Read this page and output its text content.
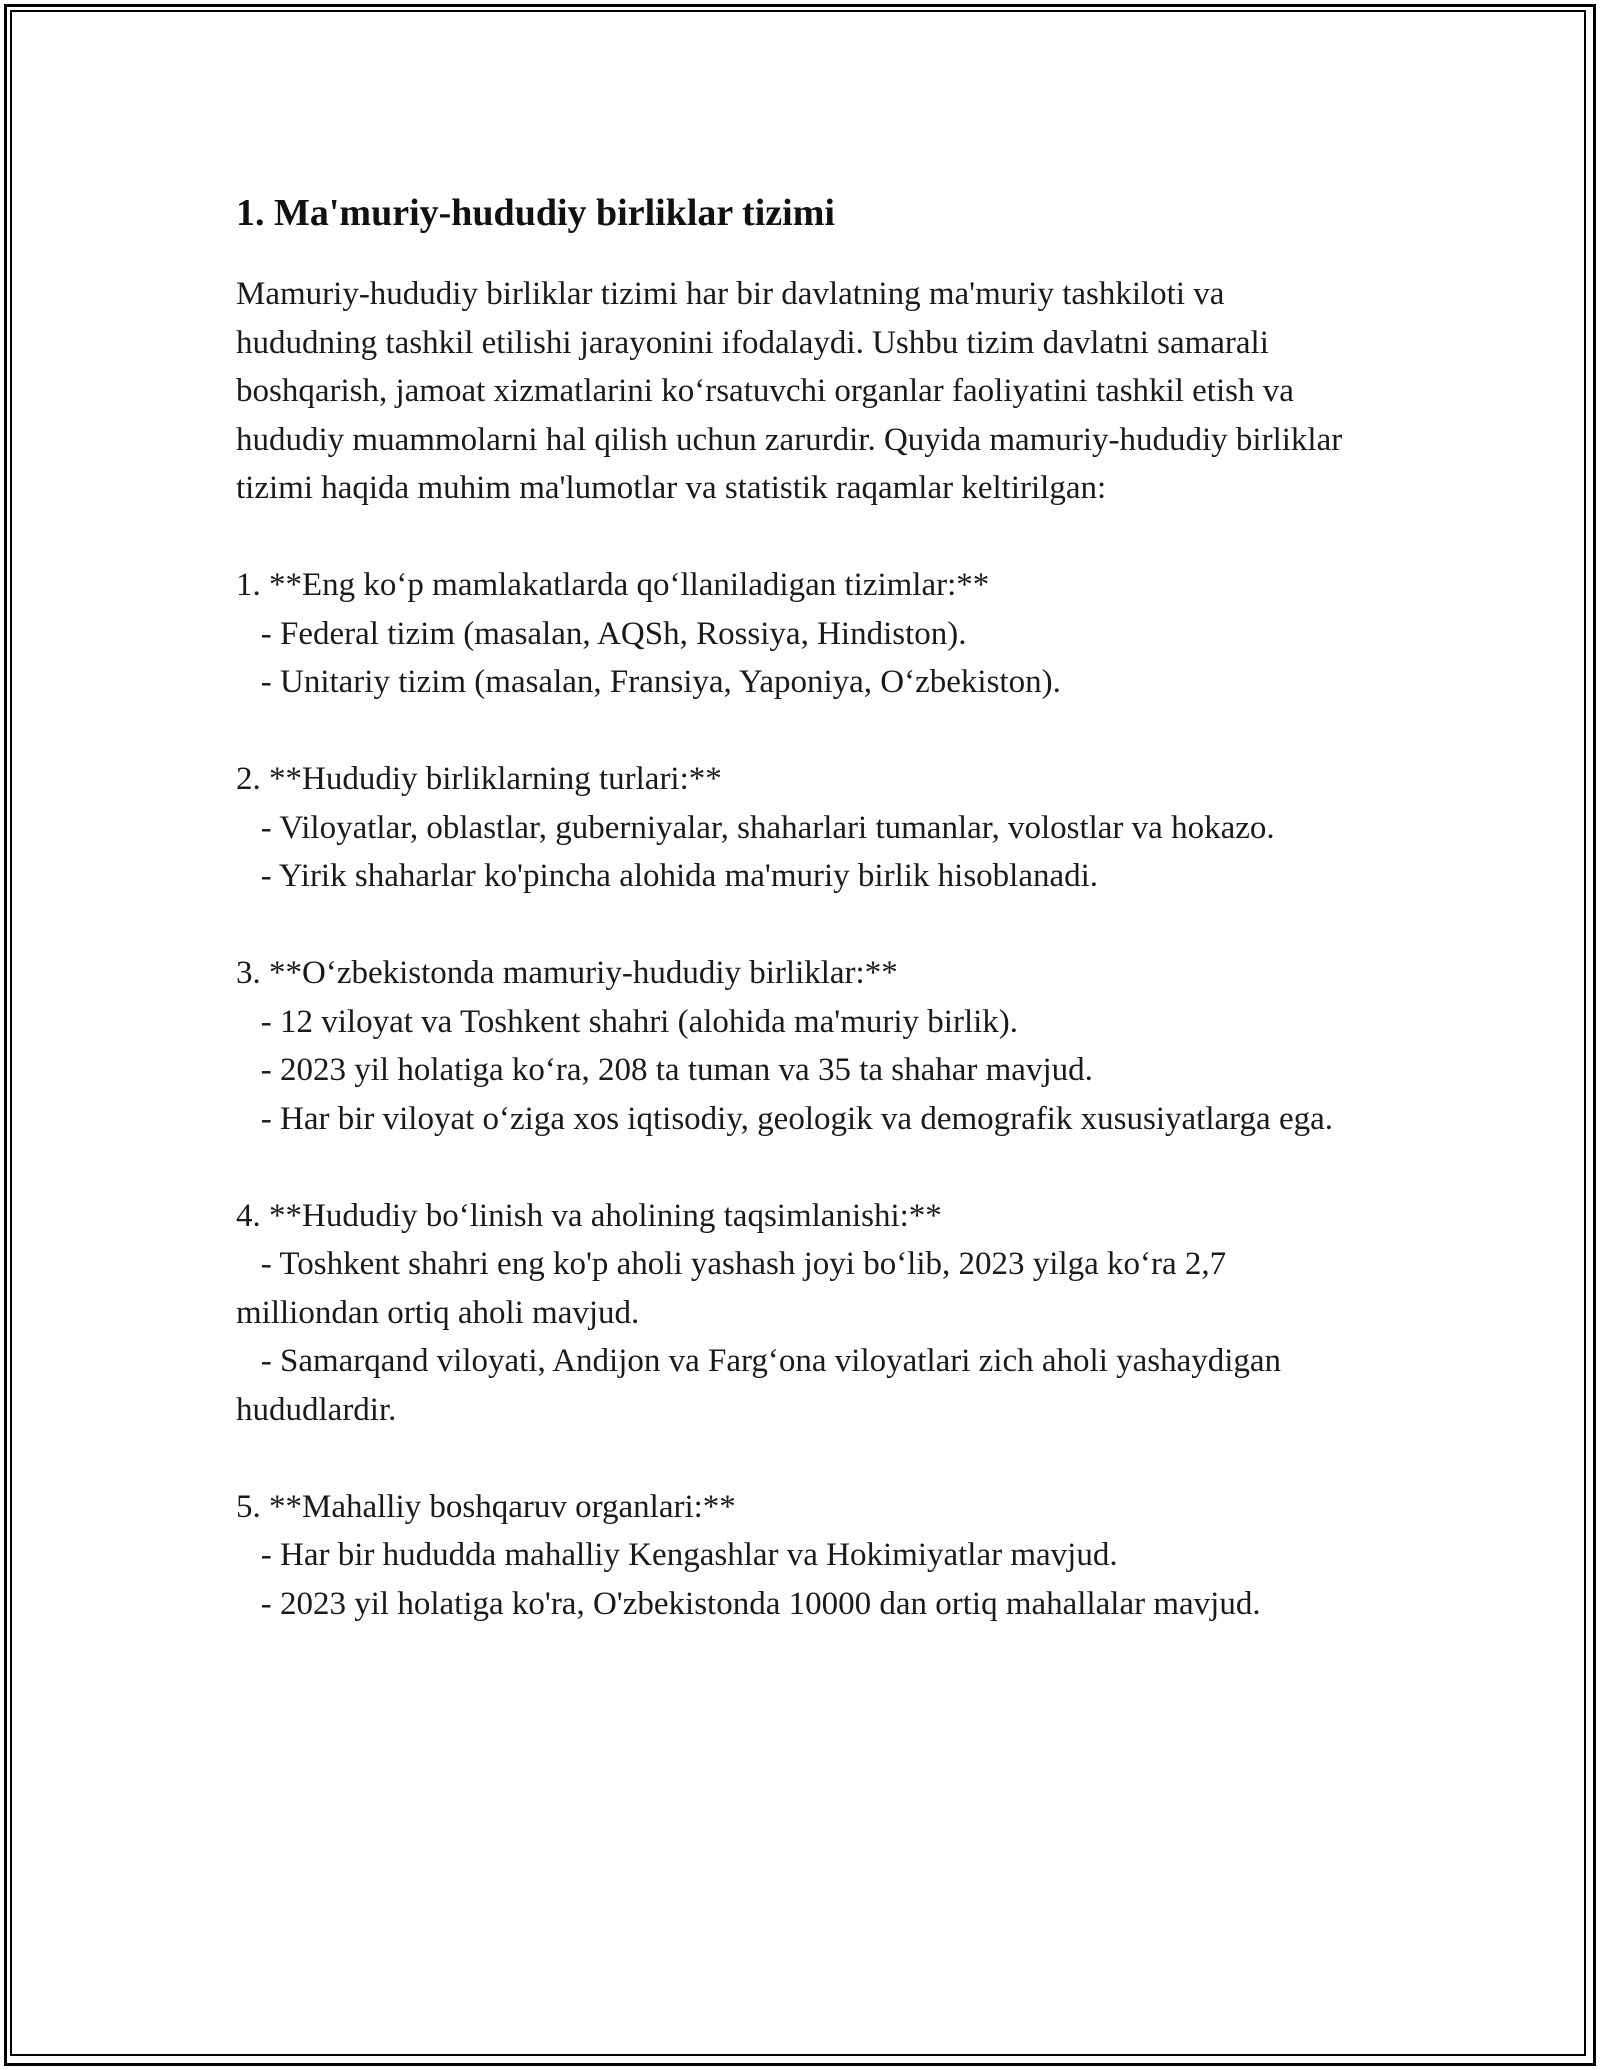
1. Ma'muriy-hududiy birliklar tizimi

Mamuriy-hududiy birliklar tizimi har bir davlatning ma'muriy tashkiloti va hududning tashkil etilishi jarayonini ifodalaydi. Ushbu tizim davlatni samarali boshqarish, jamoat xizmatlarini ko‘rsatuvchi organlar faoliyatini tashkil etish va hududiy muammolarni hal qilish uchun zarurdir. Quyida mamuriy-hududiy birliklar tizimi haqida muhim ma'lumotlar va statistik raqamlar keltirilgan:

1. **Eng ko‘p mamlakatlarda qo‘llaniladigan tizimlar:**
- Federal tizim (masalan, AQSh, Rossiya, Hindiston).
- Unitariy tizim (masalan, Fransiya, Yaponiya, O‘zbekiston).
2. **Hududiy birliklarning turlari:**
- Viloyatlar, oblastlar, guberniyalar, shaharlari tumanlar, volostlar va hokazo.
- Yirik shaharlar ko'pincha alohida ma'muriy birlik hisoblanadi.
3. **O‘zbekistonda mamuriy-hududiy birliklar:**
- 12 viloyat va Toshkent shahri (alohida ma'muriy birlik).
- 2023 yil holatiga ko‘ra, 208 ta tuman va 35 ta shahar mavjud.
- Har bir viloyat o‘ziga xos iqtisodiy, geologik va demografik xususiyatlarga ega.
4. **Hududiy bo‘linish va aholining taqsimlanishi:**
- Toshkent shahri eng ko'p aholi yashash joyi bo‘lib, 2023 yilga ko‘ra 2,7 milliondan ortiq aholi mavjud.
- Samarqand viloyati, Andijon va Farg‘ona viloyatlari zich aholi yashaydigan hududlardir.
5. **Mahalliy boshqaruv organlari:**
- Har bir hududda mahalliy Kengashlar va Hokimiyatlar mavjud.
- 2023 yil holatiga ko'ra, O'zbekistonda 10000 dan ortiq mahallalar mavjud.
